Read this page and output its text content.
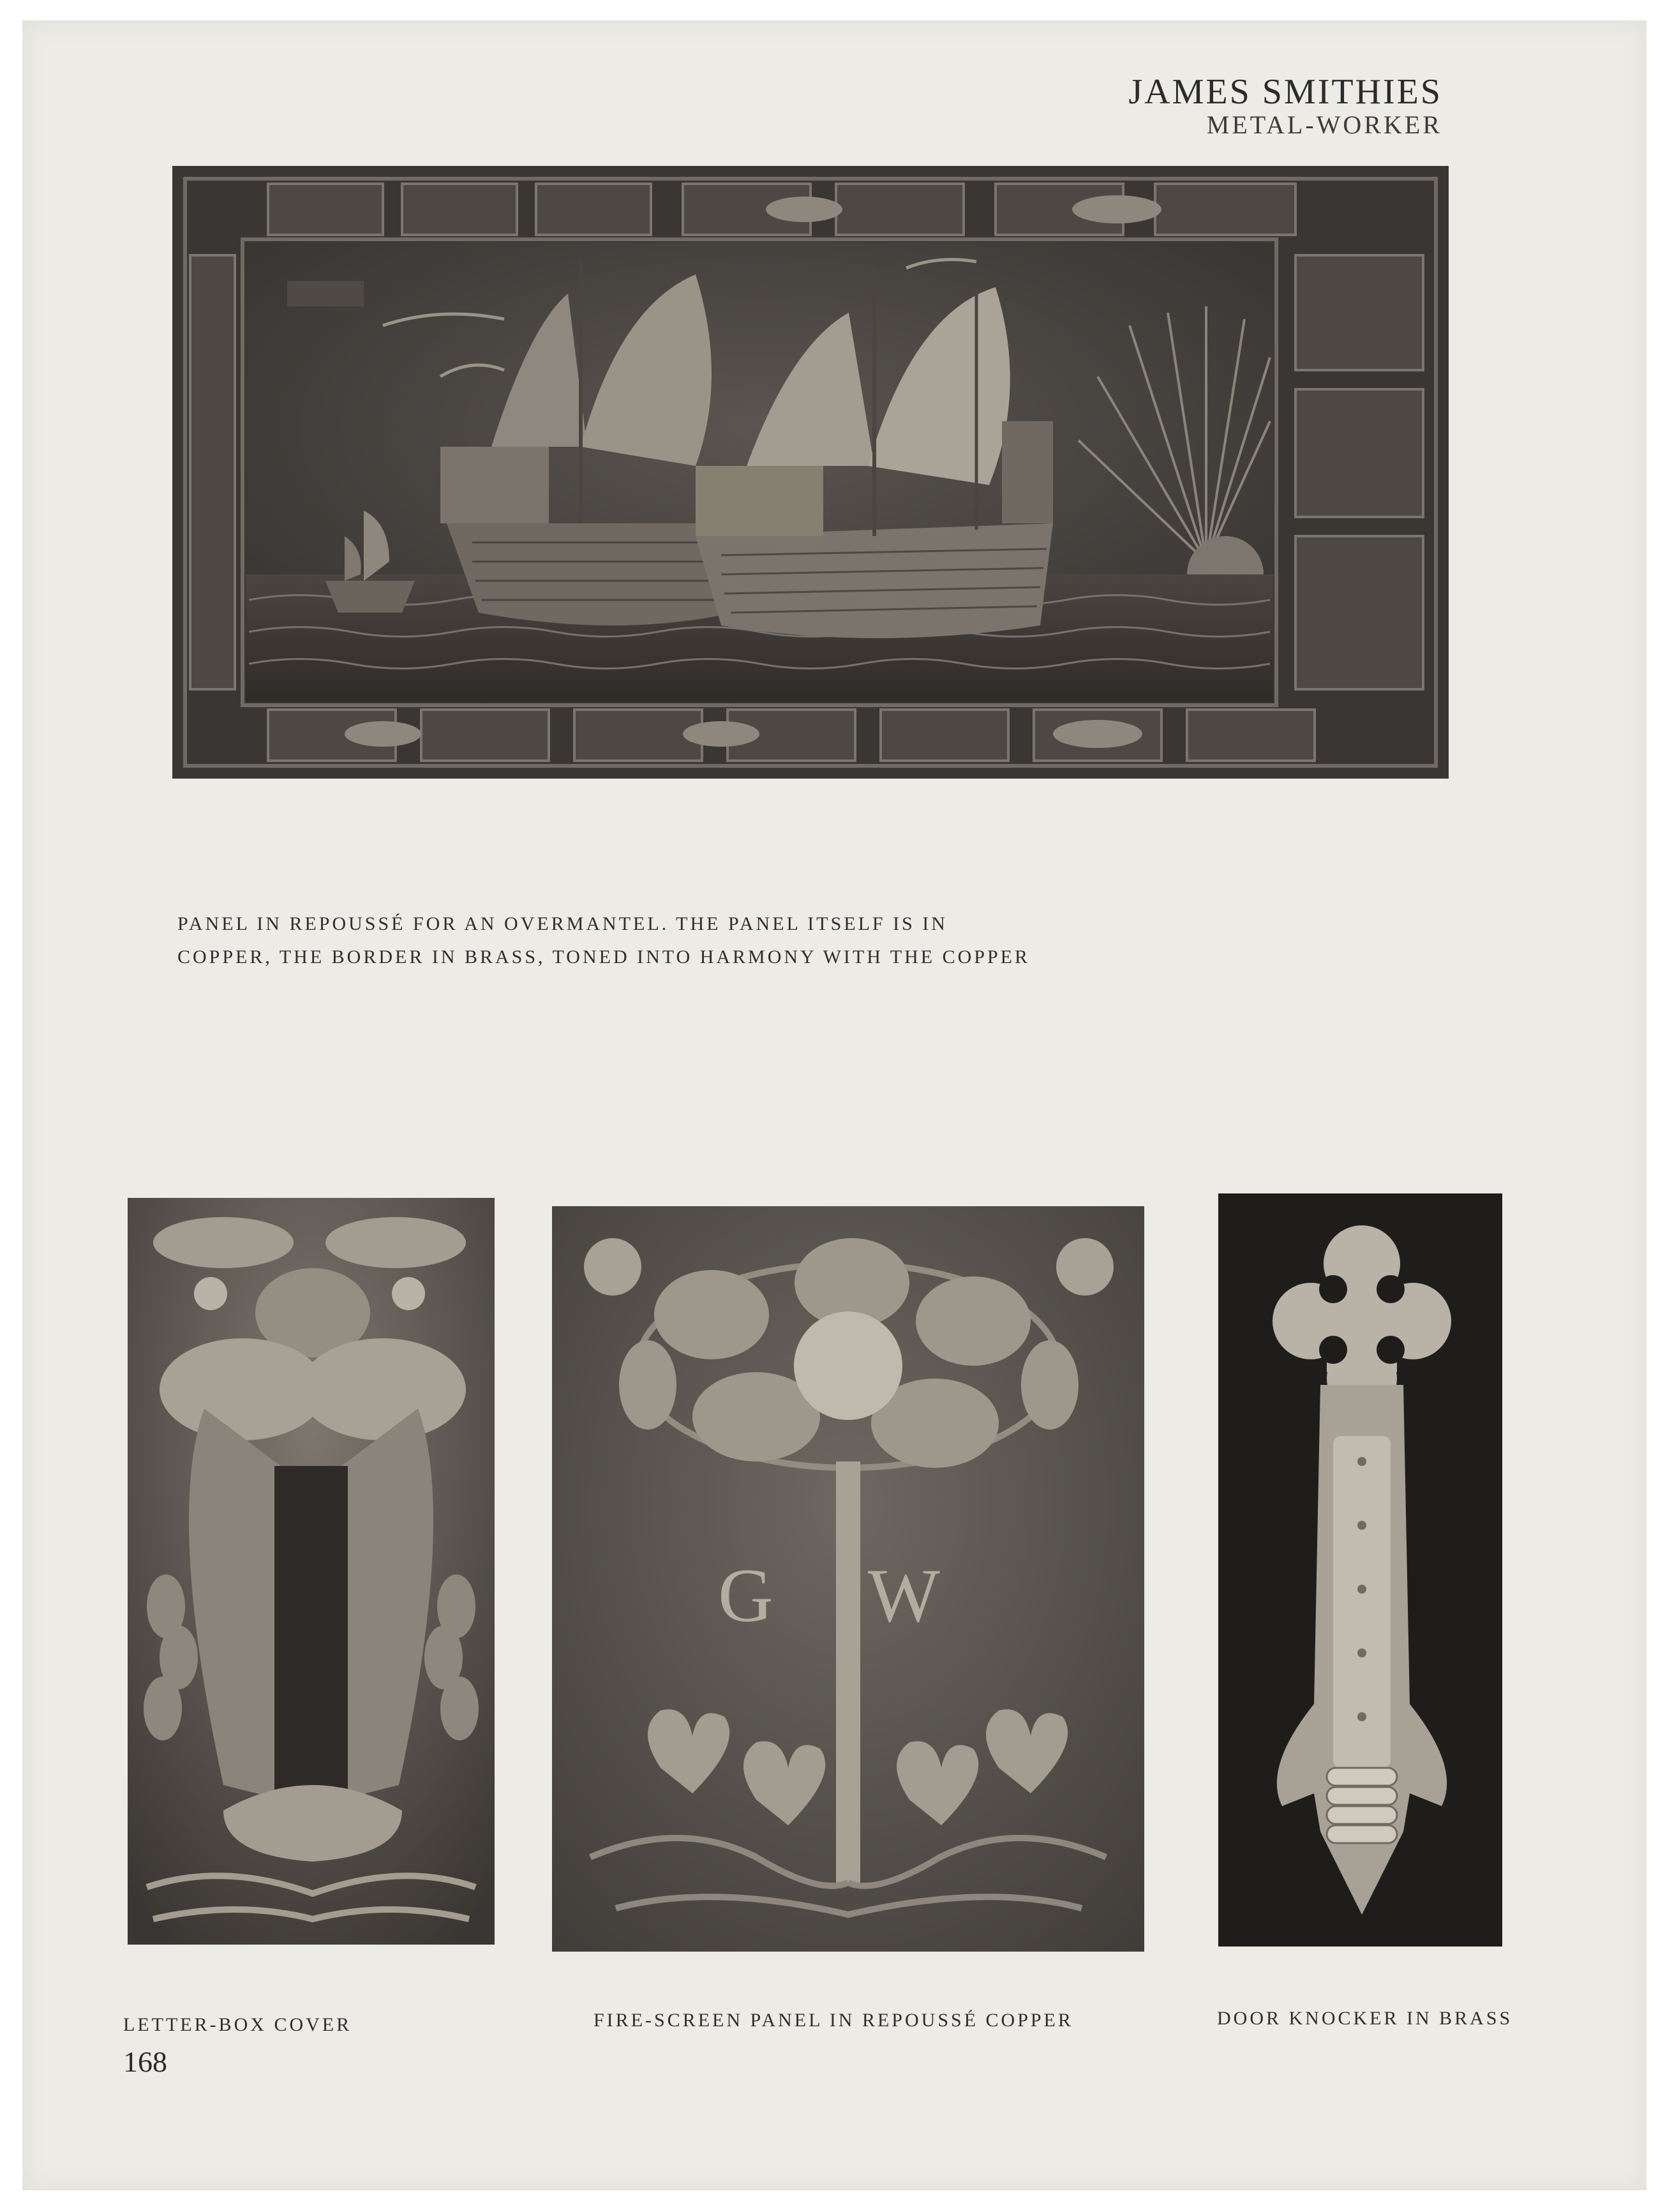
JAMES SMITHIES
METAL-WORKER
PANEL IN REPOUSSÉ FOR AN OVERMANTEL. THE PANEL ITSELF IS IN
COPPER, THE BORDER IN BRASS, TONED INTO HARMONY WITH THE COPPER
G W
LETTER-BOX COVER	FIRE-SCREEN PANEL IN REPOUSSÉ COPPER	DOOR KNOCKER IN BRASS
168
